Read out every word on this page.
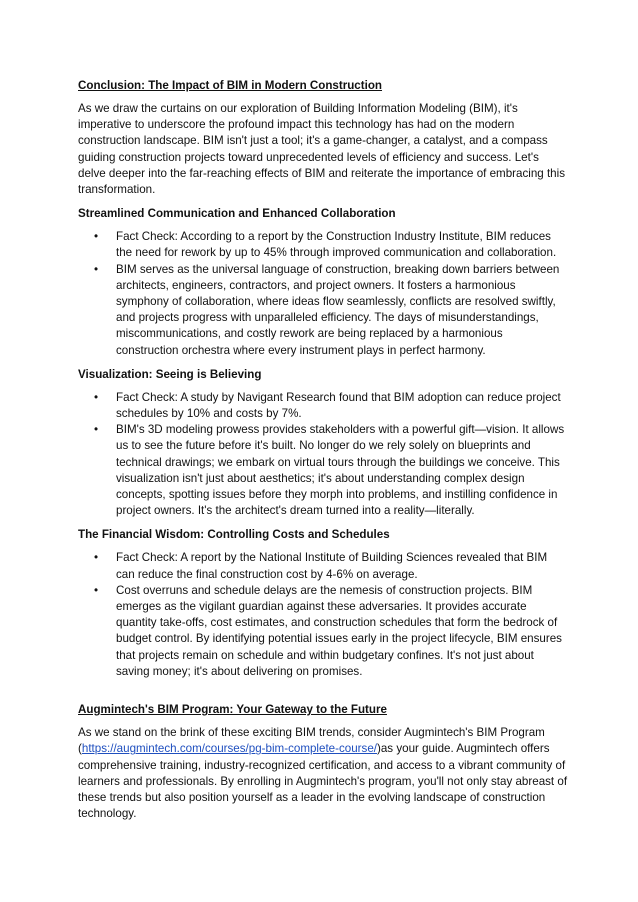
Conclusion: The Impact of BIM in Modern Construction

As we draw the curtains on our exploration of Building Information Modeling (BIM), it's imperative to underscore the profound impact this technology has had on the modern construction landscape. BIM isn't just a tool; it's a game-changer, a catalyst, and a compass guiding construction projects toward unprecedented levels of efficiency and success. Let's delve deeper into the far-reaching effects of BIM and reiterate the importance of embracing this transformation.

Streamlined Communication and Enhanced Collaboration
• Fact Check: According to a report by the Construction Industry Institute, BIM reduces the need for rework by up to 45% through improved communication and collaboration.
• BIM serves as the universal language of construction, breaking down barriers between architects, engineers, contractors, and project owners. It fosters a harmonious symphony of collaboration, where ideas flow seamlessly, conflicts are resolved swiftly, and projects progress with unparalleled efficiency. The days of misunderstandings, miscommunications, and costly rework are being replaced by a harmonious construction orchestra where every instrument plays in perfect harmony.
Visualization: Seeing is Believing
• Fact Check: A study by Navigant Research found that BIM adoption can reduce project schedules by 10% and costs by 7%.
• BIM's 3D modeling prowess provides stakeholders with a powerful gift—vision. It allows us to see the future before it's built. No longer do we rely solely on blueprints and technical drawings; we embark on virtual tours through the buildings we conceive. This visualization isn't just about aesthetics; it's about understanding complex design concepts, spotting issues before they morph into problems, and instilling confidence in project owners. It's the architect's dream turned into a reality—literally.
The Financial Wisdom: Controlling Costs and Schedules
• Fact Check: A report by the National Institute of Building Sciences revealed that BIM can reduce the final construction cost by 4-6% on average.
• Cost overruns and schedule delays are the nemesis of construction projects. BIM emerges as the vigilant guardian against these adversaries. It provides accurate quantity take-offs, cost estimates, and construction schedules that form the bedrock of budget control. By identifying potential issues early in the project lifecycle, BIM ensures that projects remain on schedule and within budgetary confines. It's not just about saving money; it's about delivering on promises.
Augmintech's BIM Program: Your Gateway to the Future

As we stand on the brink of these exciting BIM trends, consider Augmintech's BIM Program (https://augmintech.com/courses/pg-bim-complete-course/)as your guide. Augmintech offers comprehensive training, industry-recognized certification, and access to a vibrant community of learners and professionals. By enrolling in Augmintech's program, you'll not only stay abreast of these trends but also position yourself as a leader in the evolving landscape of construction technology.
